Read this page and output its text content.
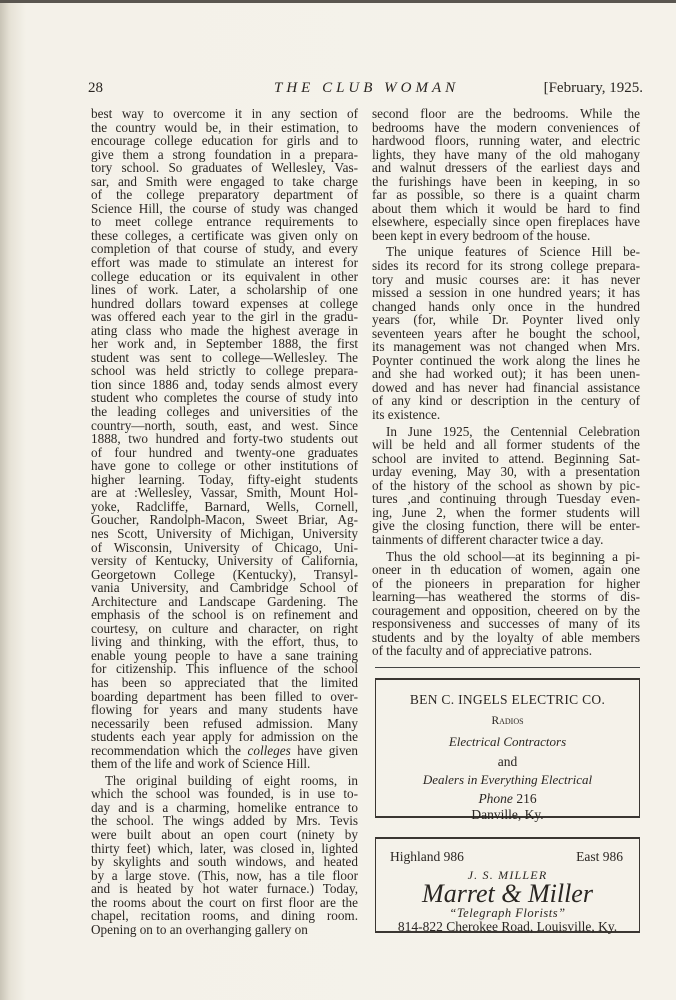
28	THE CLUB WOMAN	[February, 1925.

best way to overcome it in any section of
the country would be, in their estimation, to
encourage college education for girls and to
give them a strong foundation in a prepara-
tory school. So graduates of Wellesley, Vas-
sar, and Smith were engaged to take charge
of the college preparatory department of
Science Hill, the course of study was changed
to meet college entrance requirements to
these colleges, a certificate was given only on
completion of that course of study, and every
effort was made to stimulate an interest for
college education or its equivalent in other
lines of work. Later, a scholarship of one
hundred dollars toward expenses at college
was offered each year to the girl in the gradu-
ating class who made the highest average in
her work and, in September 1888, the first
student was sent to college—Wellesley. The
school was held strictly to college prepara-
tion since 1886 and, today sends almost every
student who completes the course of study into
the leading colleges and universities of the
country—north, south, east, and west. Since
1888, two hundred and forty-two students out
of four hundred and twenty-one graduates
have gone to college or other institutions of
higher learning. Today, fifty-eight students
are at :Wellesley, Vassar, Smith, Mount Hol-
yoke, Radcliffe, Barnard, Wells, Cornell,
Goucher, Randolph-Macon, Sweet Briar, Ag-
nes Scott, University of Michigan, University
of Wisconsin, University of Chicago, Uni-
versity of Kentucky, University of California,
Georgetown College (Kentucky), Transyl-
vania University, and Cambridge School of
Architecture and Landscape Gardening. The
emphasis of the school is on refinement and
courtesy, on culture and character, on right
living and thinking, with the effort, thus, to
enable young people to have a sane training
for citizenship. This influence of the school
has been so appreciated that the limited
boarding department has been filled to over-
flowing for years and many students have
necessarily been refused admission. Many
students each year apply for admission on the
recommendation which the colleges have given
them of the life and work of Science Hill.

The original building of eight rooms, in
which the school was founded, is in use to-
day and is a charming, homelike entrance to
the school. The wings added by Mrs. Tevis
were built about an open court (ninety by
thirty feet) which, later, was closed in, lighted
by skylights and south windows, and heated
by a large stove. (This, now, has a tile floor
and is heated by hot water furnace.) Today,
the rooms about the court on first floor are the
chapel, recitation rooms, and dining room.
Opening on to an overhanging gallery on

second floor are the bedrooms. While the
bedrooms have the modern conveniences of
hardwood floors, running water, and electric
lights, they have many of the old mahogany
and walnut dressers of the earliest days and
the furishings have been in keeping, in so
far as possible, so there is a quaint charm
about them which it would be hard to find
elsewhere, especially since open fireplaces have
been kept in every bedroom of the house.

The unique features of Science Hill be-
sides its record for its strong college prepara-
tory and music courses are: it has never
missed a session in one hundred years; it has
changed hands only once in the hundred
years (for, while Dr. Poynter lived only
seventeen years after he bought the school,
its management was not changed when Mrs.
Poynter continued the work along the lines he
and she had worked out); it has been unen-
dowed and has never had financial assistance
of any kind or description in the century of
its existence.

In June 1925, the Centennial Celebration
will be held and all former students of the
school are invited to attend. Beginning Sat-
urday evening, May 30, with a presentation
of the history of the school as shown by pic-
tures ,and continuing through Tuesday even-
ing, June 2, when the former students will
give the closing function, there will be enter-
tainments of different character twice a day.

Thus the old school—at its beginning a pi-
oneer in th education of women, again one
of the pioneers in preparation for higher
learning—has weathered the storms of dis-
couragement and opposition, cheered on by the
responsiveness and successes of many of its
students and by the loyalty of able members
of the faculty and of appreciative patrons.

BEN C. INGELS ELECTRIC CO.
Radios
Electrical Contractors
and
Dealers in Everything Electrical
Phone 216
Danville, Ky.
Highland 986	East 986
J. S. MILLER
Marret & Miller
“Telegraph Florists”
814-822 Cherokee Road, Louisville, Ky.
